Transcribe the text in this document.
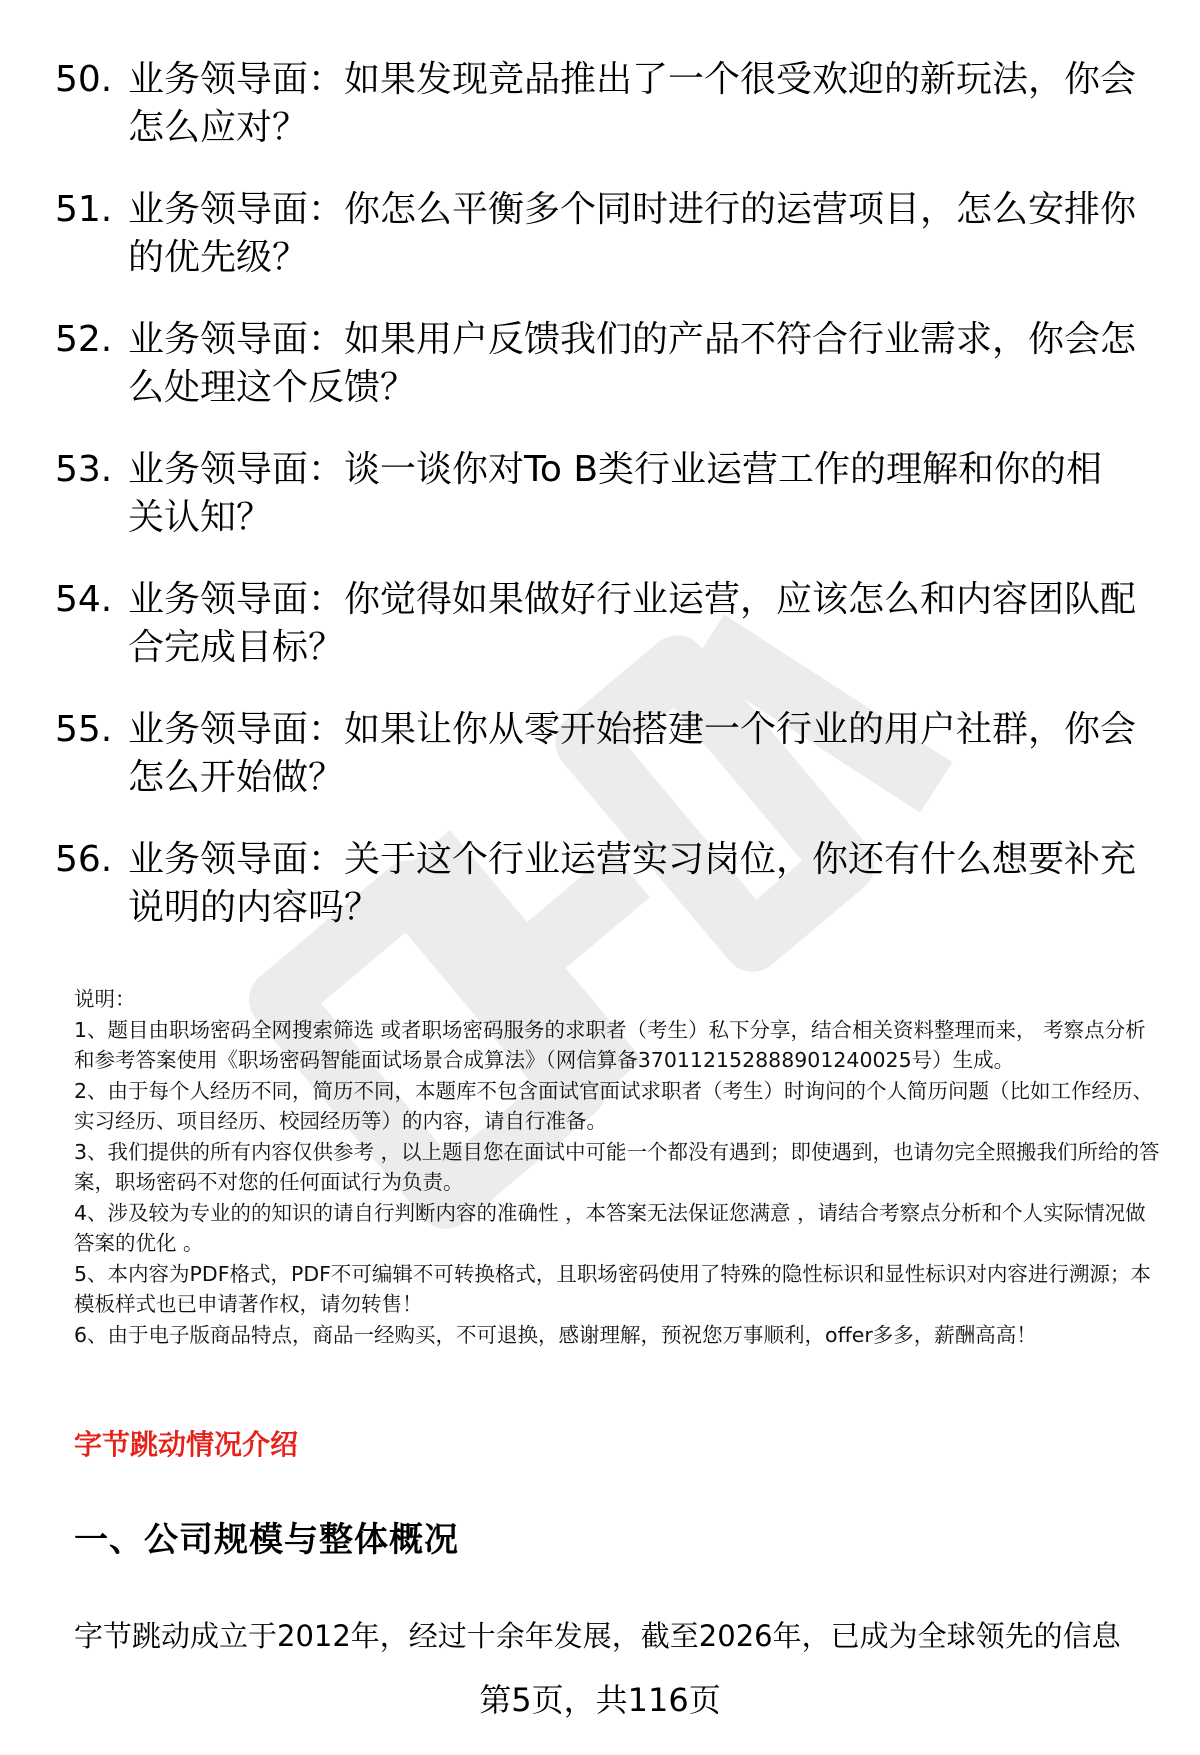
50. 业务领导面：如果发现竞品推出了一个很受欢迎的新玩法，你会怎么应对？
51. 业务领导面：你怎么平衡多个同时进行的运营项目，怎么安排你的优先级？
52. 业务领导面：如果用户反馈我们的产品不符合行业需求，你会怎么处理这个反馈？
53. 业务领导面：谈一谈你对To B类行业运营工作的理解和你的相关认知？
54. 业务领导面：你觉得如果做好行业运营，应该怎么和内容团队配合完成目标？
55. 业务领导面：如果让你从零开始搭建一个行业的用户社群，你会怎么开始做？
56. 业务领导面：关于这个行业运营实习岗位，你还有什么想要补充说明的内容吗？

说明：

1、题目由职场密码全网搜索筛选 或者职场密码服务的求职者（考生）私下分享，结合相关资料整理而来， 考察点分析和参考答案使用《职场密码智能面试场景合成算法》（网信算备370112152888901240025号）生成。

2、由于每个人经历不同，简历不同，本题库不包含面试官面试求职者（考生）时询问的个人简历问题（比如工作经历、实习经历、项目经历、校园经历等）的内容，请自行准备。

3、我们提供的所有内容仅供参考 ，以上题目您在面试中可能一个都没有遇到；即使遇到，也请勿完全照搬我们所给的答案，职场密码不对您的任何面试行为负责。

4、涉及较为专业的的知识的请自行判断内容的准确性 ，本答案无法保证您满意 ，请结合考察点分析和个人实际情况做答案的优化 。

5、本内容为PDF格式，PDF不可编辑不可转换格式，且职场密码使用了特殊的隐性标识和显性标识对内容进行溯源；本模板样式也已申请著作权，请勿转售！

6、由于电子版商品特点，商品一经购买，不可退换，感谢理解，预祝您万事顺利，offer多多，薪酬高高！

字节跳动情况介绍
一、公司规模与整体概况
字节跳动成立于2012年，经过十余年发展，截至2026年，已成为全球领先的信息
第5页，共116页
